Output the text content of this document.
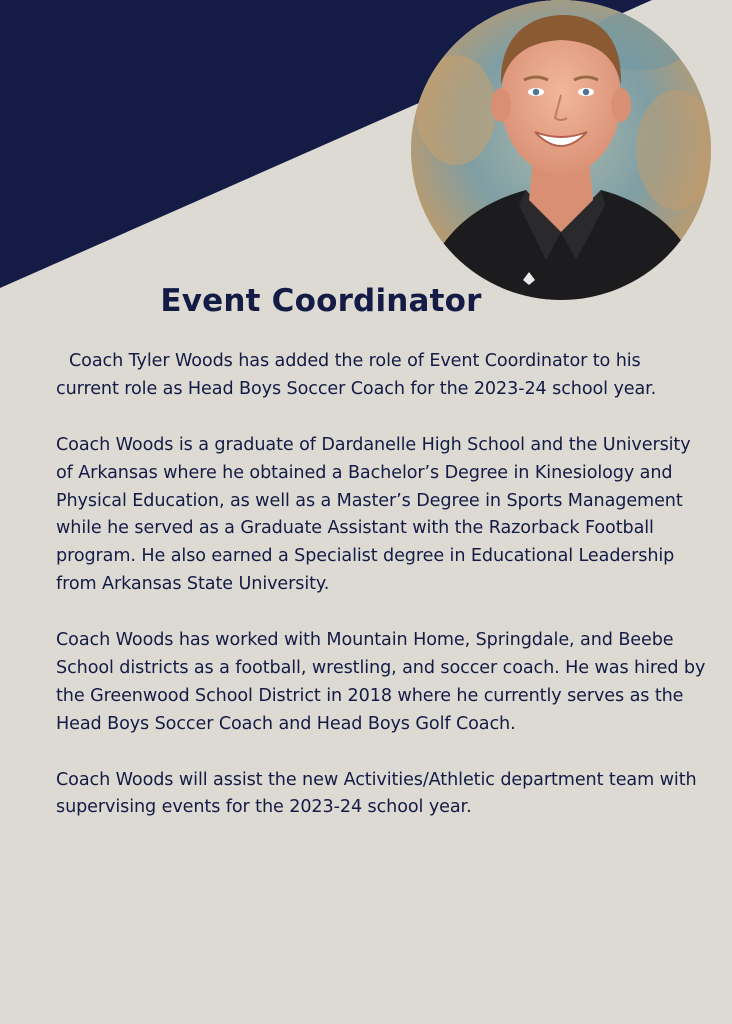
Event Coordinator

Coach Tyler Woods has added the role of Event Coordinator to his current role as Head Boys Soccer Coach for the 2023-24 school year.

Coach Woods is a graduate of Dardanelle High School and the University of Arkansas where he obtained a Bachelor’s Degree in Kinesiology and Physical Education, as well as a Master’s Degree in Sports Management while he served as a Graduate Assistant with the Razorback Football program. He also earned a Specialist degree in Educational Leadership from Arkansas State University.

Coach Woods has worked with Mountain Home, Springdale, and Beebe School districts as a football, wrestling, and soccer coach. He was hired by the Greenwood School District in 2018 where he currently serves as the Head Boys Soccer Coach and Head Boys Golf Coach.

Coach Woods will assist the new Activities/Athletic department team with supervising events for the 2023-24 school year.
